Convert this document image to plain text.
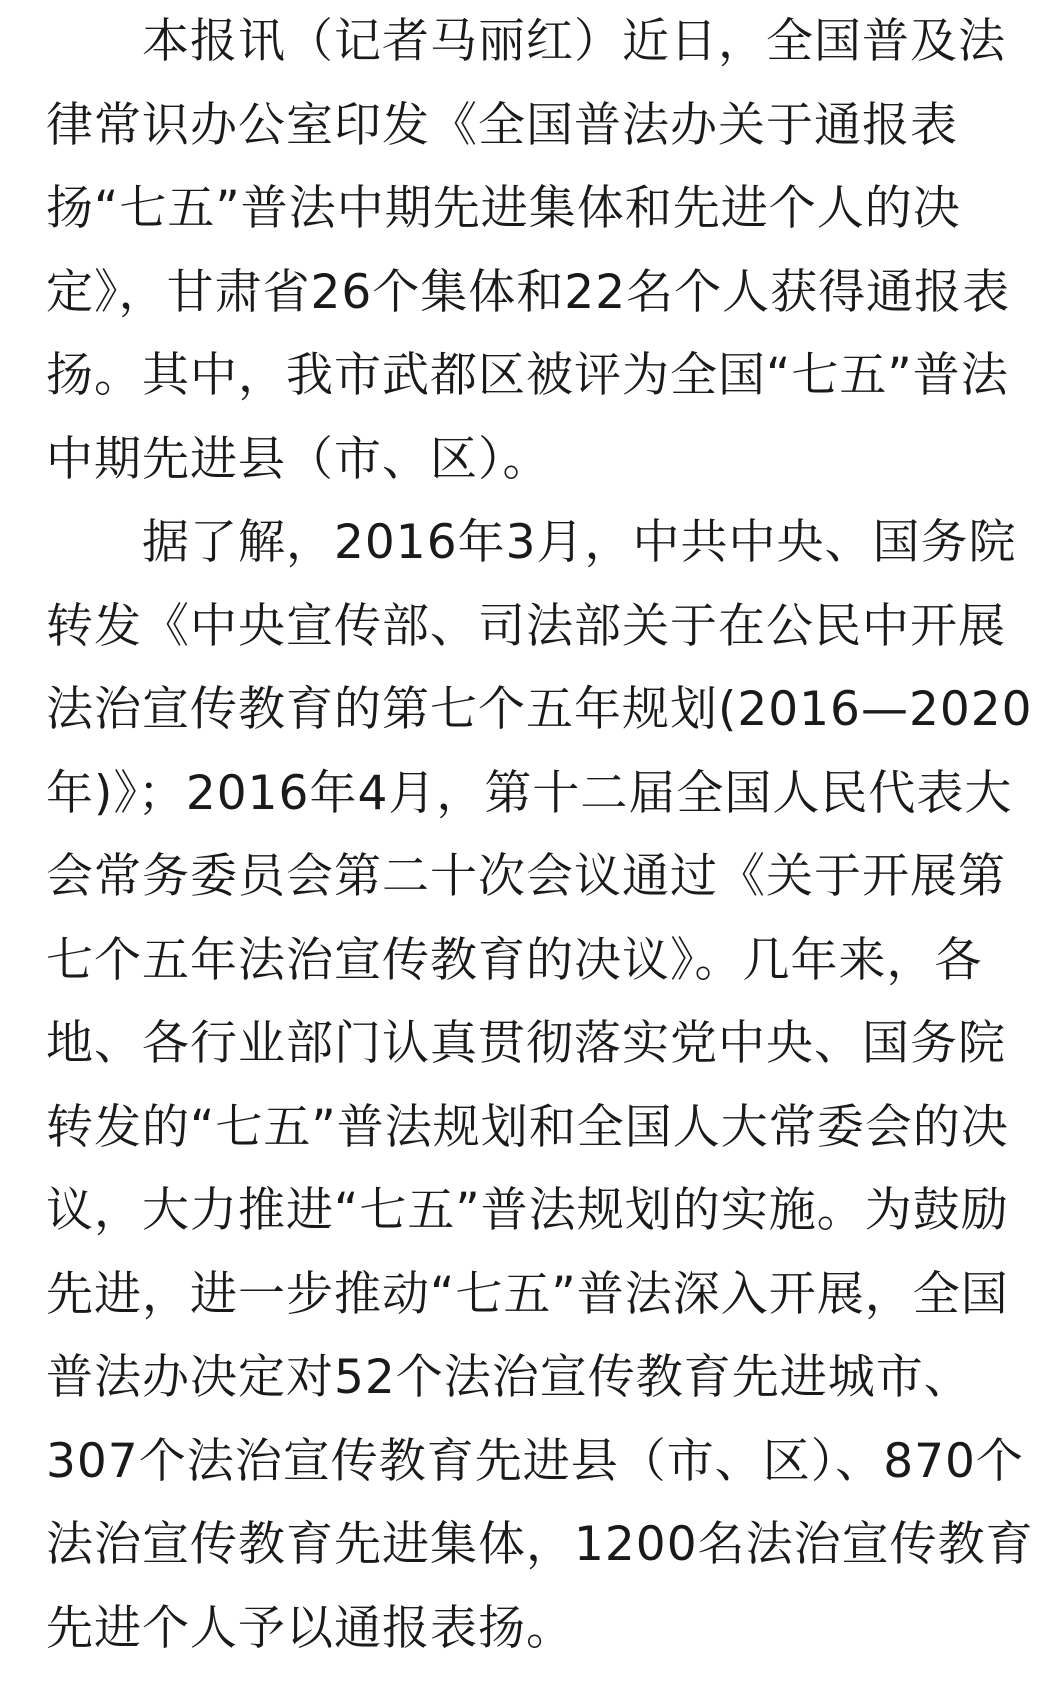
本报讯（记者马丽红）近日，全国普及法
律常识办公室印发《全国普法办关于通报表
扬“七五”普法中期先进集体和先进个人的决
定》，甘肃省26个集体和22名个人获得通报表
扬。其中，我市武都区被评为全国“七五”普法
中期先进县（市、区）。
据了解，2016年3月，中共中央、国务院
转发《中央宣传部、司法部关于在公民中开展
法治宣传教育的第七个五年规划(2016—2020
年)》；2016年4月，第十二届全国人民代表大
会常务委员会第二十次会议通过《关于开展第
七个五年法治宣传教育的决议》。几年来，各
地、各行业部门认真贯彻落实党中央、国务院
转发的“七五”普法规划和全国人大常委会的决
议，大力推进“七五”普法规划的实施。为鼓励
先进，进一步推动“七五”普法深入开展，全国
普法办决定对52个法治宣传教育先进城市、
307个法治宣传教育先进县（市、区）、870个
法治宣传教育先进集体，1200名法治宣传教育
先进个人予以通报表扬。
